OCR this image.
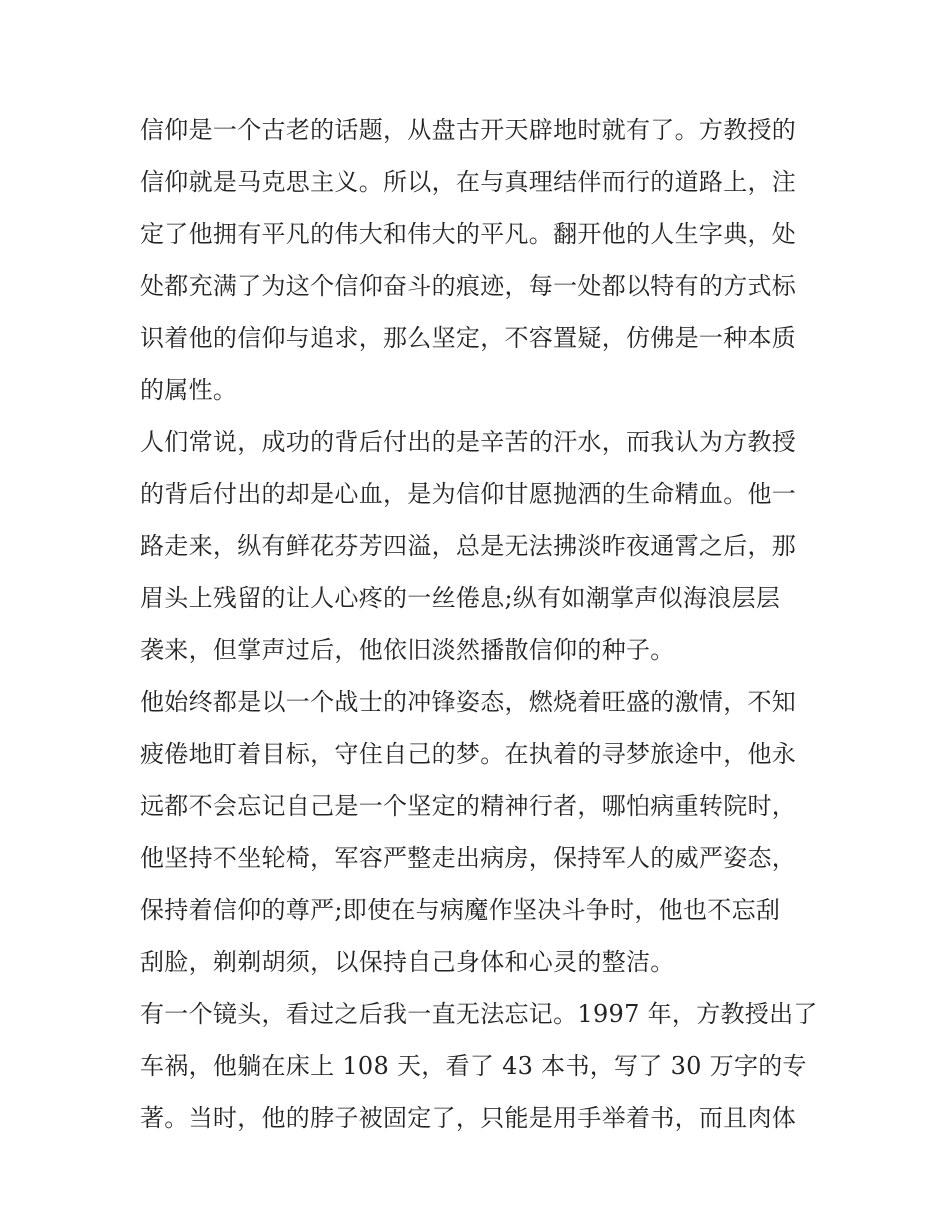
信仰是一个古老的话题，从盘古开天辟地时就有了。方教授的
信仰就是马克思主义。所以，在与真理结伴而行的道路上，注
定了他拥有平凡的伟大和伟大的平凡。翻开他的人生字典，处
处都充满了为这个信仰奋斗的痕迹，每一处都以特有的方式标
识着他的信仰与追求，那么坚定，不容置疑，仿佛是一种本质
的属性。
人们常说，成功的背后付出的是辛苦的汗水，而我认为方教授
的背后付出的却是心血，是为信仰甘愿抛洒的生命精血。他一
路走来，纵有鲜花芬芳四溢，总是无法拂淡昨夜通霄之后，那
眉头上残留的让人心疼的一丝倦息;纵有如潮掌声似海浪层层
袭来，但掌声过后，他依旧淡然播散信仰的种子。
他始终都是以一个战士的冲锋姿态，燃烧着旺盛的激情，不知
疲倦地盯着目标，守住自己的梦。在执着的寻梦旅途中，他永
远都不会忘记自己是一个坚定的精神行者，哪怕病重转院时，
他坚持不坐轮椅，军容严整走出病房，保持军人的威严姿态，
保持着信仰的尊严;即使在与病魔作坚决斗争时，他也不忘刮
刮脸，剃剃胡须，以保持自己身体和心灵的整洁。
有一个镜头，看过之后我一直无法忘记。1997 年，方教授出了
车祸，他躺在床上 108 天，看了 43 本书，写了 30 万字的专
著。当时，他的脖子被固定了，只能是用手举着书，而且肉体
